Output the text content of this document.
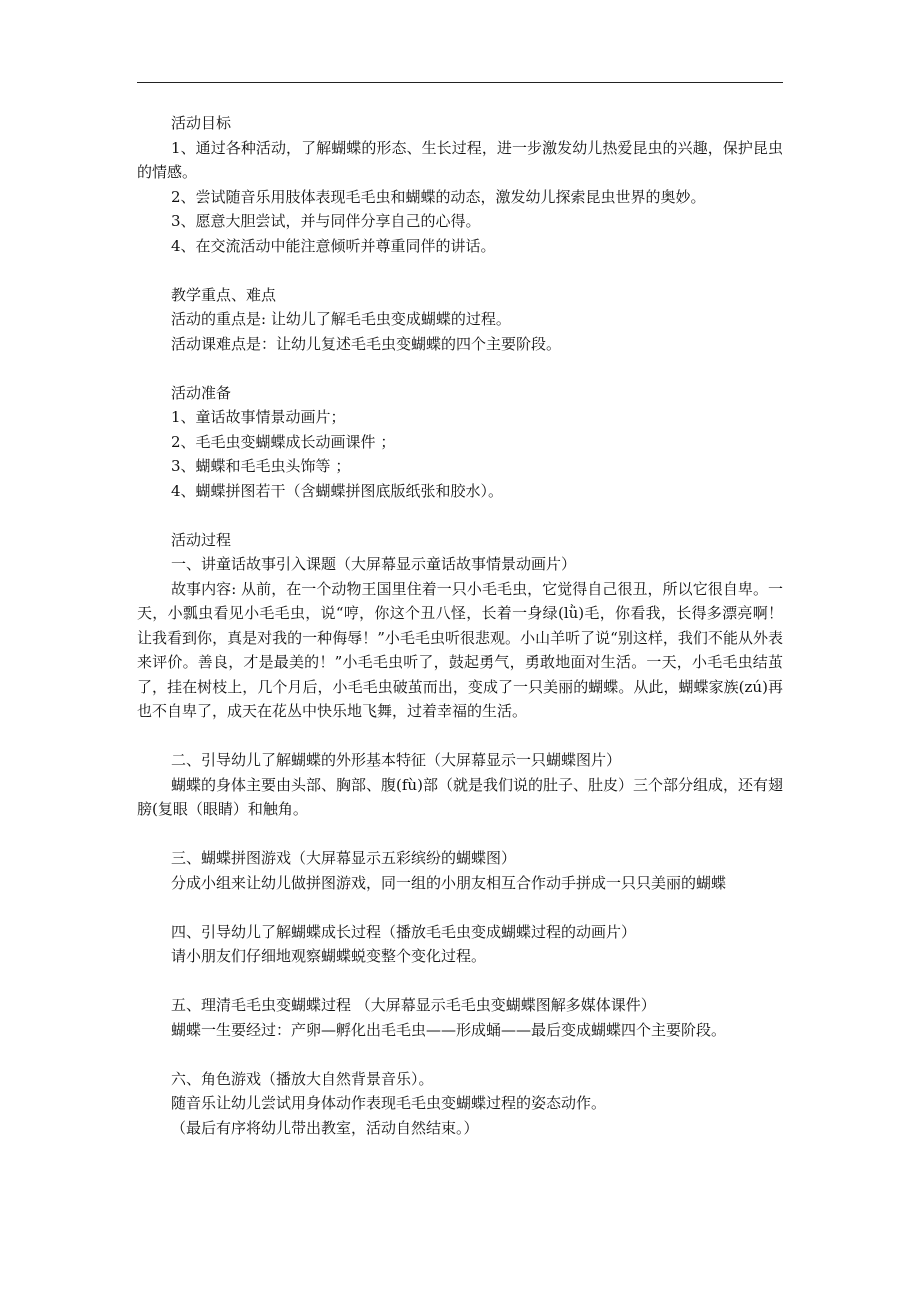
活动目标

1、通过各种活动，了解蝴蝶的形态、生长过程，进一步激发幼儿热爱昆虫的兴趣，保护昆虫的情感。

2、尝试随音乐用肢体表现毛毛虫和蝴蝶的动态，激发幼儿探索昆虫世界的奥妙。

3、愿意大胆尝试，并与同伴分享自己的心得。

4、在交流活动中能注意倾听并尊重同伴的讲话。

教学重点、难点

活动的重点是: 让幼儿了解毛毛虫变成蝴蝶的过程。

活动课难点是：让幼儿复述毛毛虫变蝴蝶的四个主要阶段。

活动准备

1、童话故事情景动画片；

2、毛毛虫变蝴蝶成长动画课件 ；

3、蝴蝶和毛毛虫头饰等 ；

4、蝴蝶拼图若干（含蝴蝶拼图底版纸张和胶水）。

活动过程

一、讲童话故事引入课题（大屏幕显示童话故事情景动画片）

故事内容: 从前，在一个动物王国里住着一只小毛毛虫，它觉得自己很丑，所以它很自卑。一天，小瓢虫看见小毛毛虫，说“哼，你这个丑八怪，长着一身绿(lǜ)毛，你看我，长得多漂亮啊！让我看到你，真是对我的一种侮辱！”小毛毛虫听很悲观。小山羊听了说“别这样，我们不能从外表来评价。善良，才是最美的！”小毛毛虫听了，鼓起勇气，勇敢地面对生活。一天，小毛毛虫结茧了，挂在树枝上，几个月后，小毛毛虫破茧而出，变成了一只美丽的蝴蝶。从此，蝴蝶家族(zú)再也不自卑了，成天在花丛中快乐地飞舞，过着幸福的生活。

二、引导幼儿了解蝴蝶的外形基本特征（大屏幕显示一只蝴蝶图片）

蝴蝶的身体主要由头部、胸部、腹(fù)部（就是我们说的肚子、肚皮）三个部分组成，还有翅膀(复眼（眼睛）和触角。

三、蝴蝶拼图游戏（大屏幕显示五彩缤纷的蝴蝶图）

分成小组来让幼儿做拼图游戏，同一组的小朋友相互合作动手拼成一只只美丽的蝴蝶

四、引导幼儿了解蝴蝶成长过程（播放毛毛虫变成蝴蝶过程的动画片）

请小朋友们仔细地观察蝴蝶蜕变整个变化过程。

五、理清毛毛虫变蝴蝶过程 （大屏幕显示毛毛虫变蝴蝶图解多媒体课件）

蝴蝶一生要经过：产卵—孵化出毛毛虫——形成蛹——最后变成蝴蝶四个主要阶段。

六、角色游戏（播放大自然背景音乐）。

随音乐让幼儿尝试用身体动作表现毛毛虫变蝴蝶过程的姿态动作。

（最后有序将幼儿带出教室，活动自然结束。）
